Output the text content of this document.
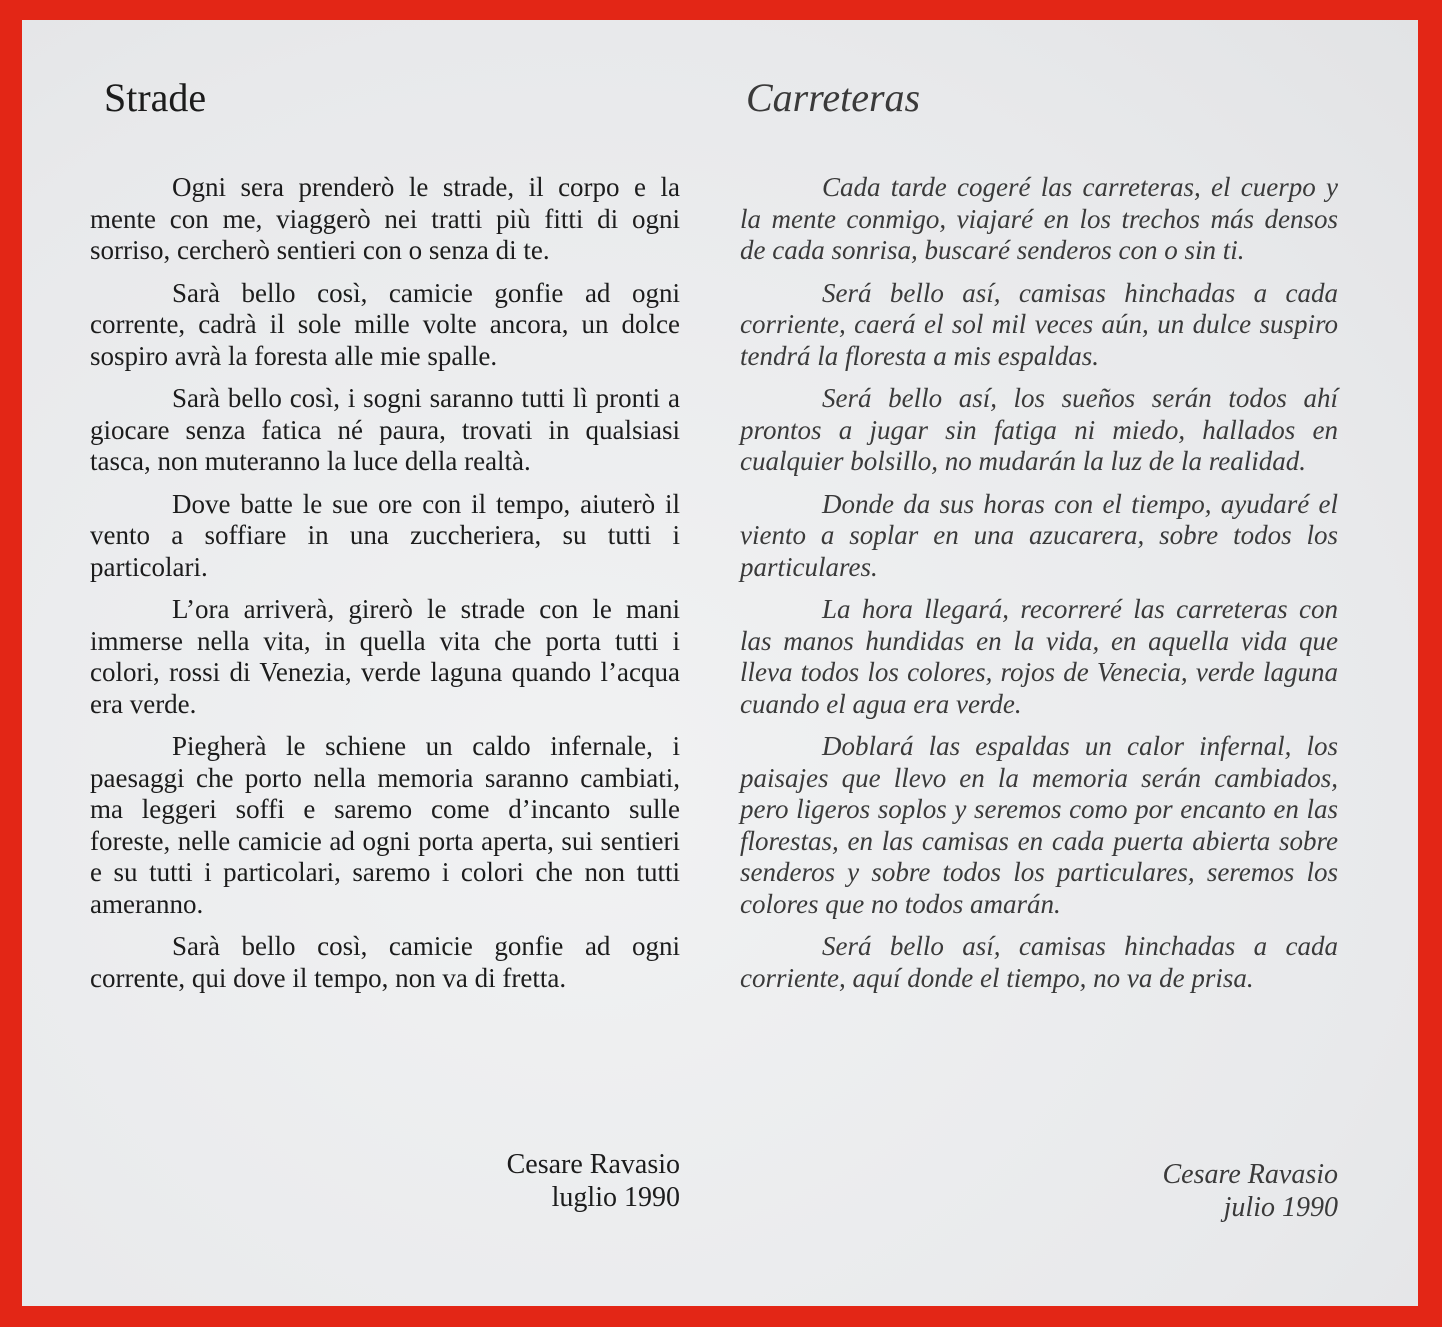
Strade

Ogni sera prenderò le strade, il corpo e la mente con me, viaggerò nei tratti più fitti di ogni sorriso, cercherò sentieri con o senza di te.

Sarà bello così, camicie gonfie ad ogni corrente, cadrà il sole mille volte ancora, un dolce sospiro avrà la foresta alle mie spalle.

Sarà bello così, i sogni saranno tutti lì pronti a giocare senza fatica né paura, trovati in qualsiasi tasca, non muteranno la luce della realtà.

Dove batte le sue ore con il tempo, aiuterò il vento a soffiare in una zuccheriera, su tutti i particolari.

L’ora arriverà, girerò le strade con le mani immerse nella vita, in quella vita che porta tutti i colori, rossi di Venezia, verde laguna quando l’acqua era verde.

Piegherà le schiene un caldo infernale, i paesaggi che porto nella memoria saranno cambiati, ma leggeri soffi e saremo come d’incanto sulle foreste, nelle camicie ad ogni porta aperta, sui sentieri e su tutti i particolari, saremo i colori che non tutti ameranno.

Sarà bello così, camicie gonfie ad ogni corrente, qui dove il tempo, non va di fretta.

Cesare Ravasio
luglio 1990
Carreteras

Cada tarde cogeré las carreteras, el cuerpo y la mente conmigo, viajaré en los trechos más densos de cada sonrisa, buscaré senderos con o sin ti.

Será bello así, camisas hinchadas a cada corriente, caerá el sol mil veces aún, un dulce suspiro tendrá la floresta a mis espaldas.

Será bello así, los sueños serán todos ahí prontos a jugar sin fatiga ni miedo, hallados en cualquier bolsillo, no mudarán la luz de la realidad.

Donde da sus horas con el tiempo, ayudaré el viento a soplar en una azucarera, sobre todos los particulares.

La hora llegará, recorreré las carreteras con las manos hundidas en la vida, en aquella vida que lleva todos los colores, rojos de Venecia, verde laguna cuando el agua era verde.

Doblará las espaldas un calor infernal, los paisajes que llevo en la memoria serán cambiados, pero ligeros soplos y seremos como por encanto en las florestas, en las camisas en cada puerta abierta sobre senderos y sobre todos los particulares, seremos los colores que no todos amarán.

Será bello así, camisas hinchadas a cada corriente, aquí donde el tiempo, no va de prisa.

Cesare Ravasio
julio 1990
